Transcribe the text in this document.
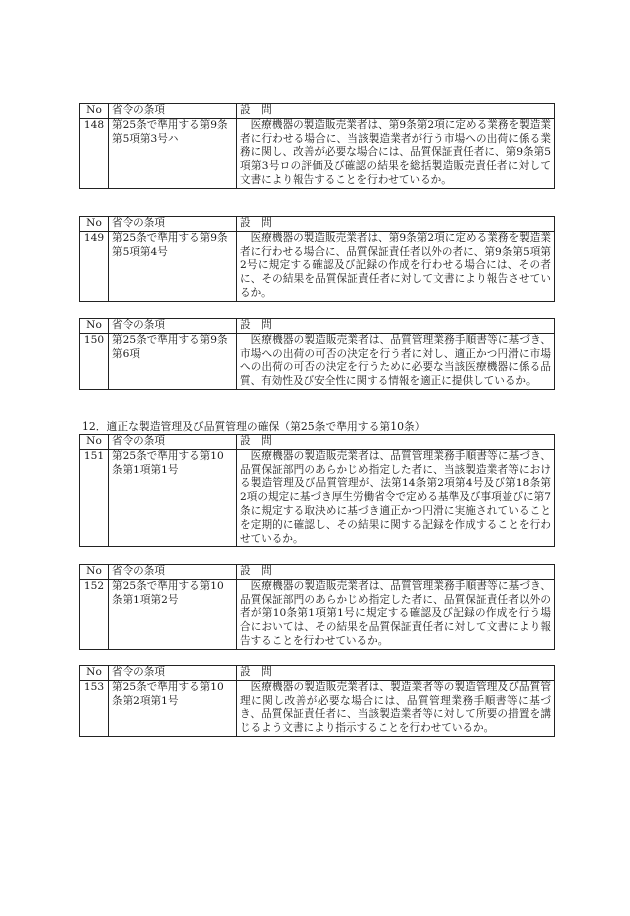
No	省令の条項	設　問
148	第25条で準用する第9条第5項第3号ハ	医療機器の製造販売業者は、第9条第2項に定める業務を製造業者に行わせる場合に、当該製造業者が行う市場への出荷に係る業務に関し、改善が必要な場合には、品質保証責任者に、第9条第5項第3号ロの評価及び確認の結果を総括製造販売責任者に対して文書により報告することを行わせているか。
No	省令の条項	設　問
149	第25条で準用する第9条第5項第4号	医療機器の製造販売業者は、第9条第2項に定める業務を製造業者に行わせる場合に、品質保証責任者以外の者に、第9条第5項第2号に規定する確認及び記録の作成を行わせる場合には、その者に、その結果を品質保証責任者に対して文書により報告させているか。
No	省令の条項	設　問
150	第25条で準用する第9条第6項	医療機器の製造販売業者は、品質管理業務手順書等に基づき、市場への出荷の可否の決定を行う者に対し、適正かつ円滑に市場への出荷の可否の決定を行うために必要な当該医療機器に係る品質、有効性及び安全性に関する情報を適正に提供しているか。
12．適正な製造管理及び品質管理の確保（第25条で準用する第10条）
No	省令の条項	設　問
151	第25条で準用する第10条第1項第1号	医療機器の製造販売業者は、品質管理業務手順書等に基づき、品質保証部門のあらかじめ指定した者に、当該製造業者等における製造管理及び品質管理が、法第14条第2項第4号及び第18条第2項の規定に基づき厚生労働省令で定める基準及び事項並びに第7条に規定する取決めに基づき適正かつ円滑に実施されていることを定期的に確認し、その結果に関する記録を作成することを行わせているか。
No	省令の条項	設　問
152	第25条で準用する第10条第1項第2号	医療機器の製造販売業者は、品質管理業務手順書等に基づき、品質保証部門のあらかじめ指定した者に、品質保証責任者以外の者が第10条第1項第1号に規定する確認及び記録の作成を行う場合においては、その結果を品質保証責任者に対して文書により報告することを行わせているか。
No	省令の条項	設　問
153	第25条で準用する第10条第2項第1号	医療機器の製造販売業者は、製造業者等の製造管理及び品質管理に関し改善が必要な場合には、品質管理業務手順書等に基づき、品質保証責任者に、当該製造業者等に対して所要の措置を講じるよう文書により指示することを行わせているか。
